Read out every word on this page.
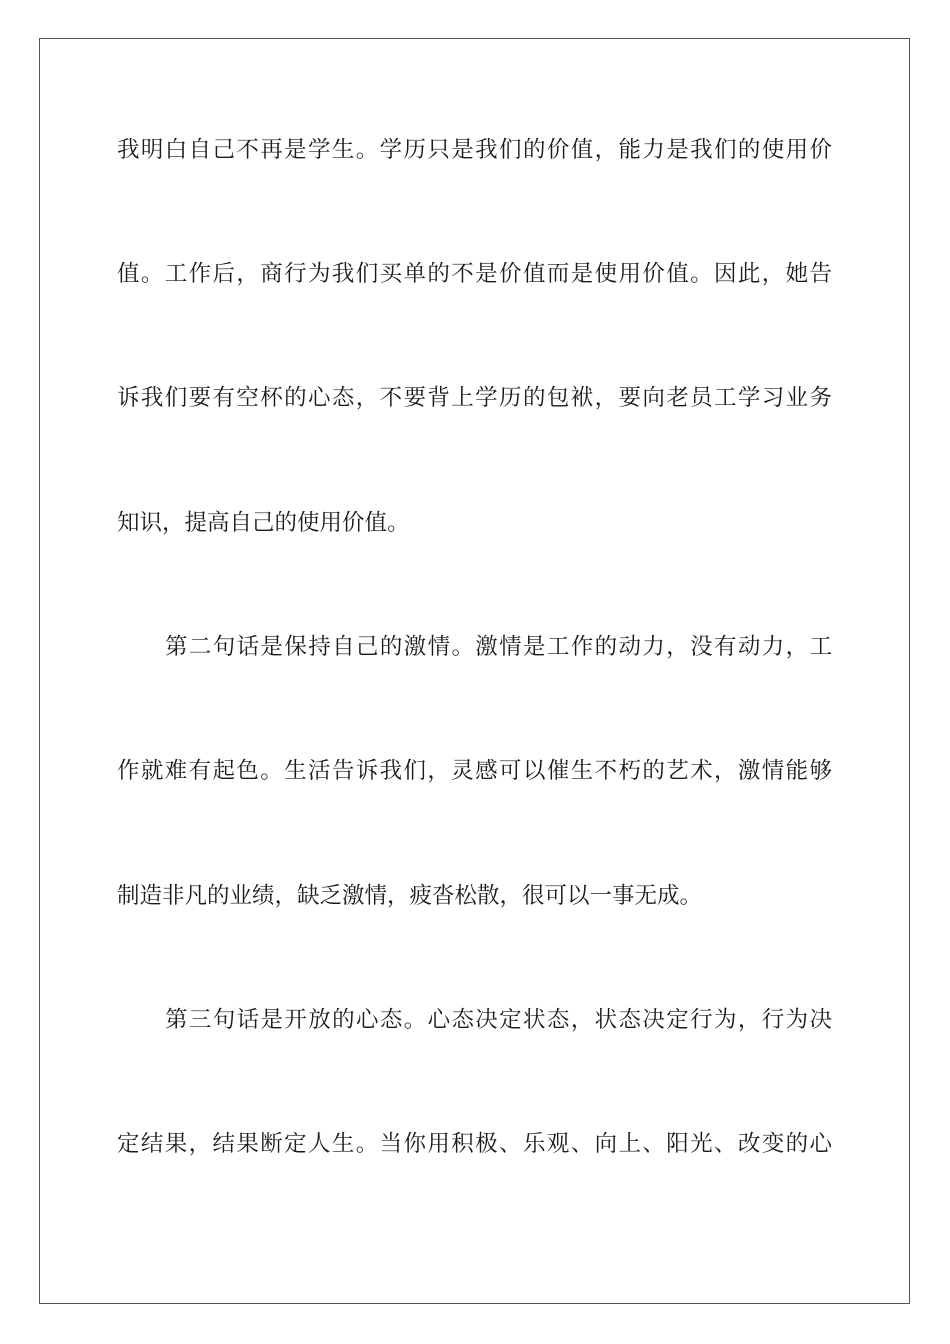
我明白自己不再是学生。学历只是我们的价值，能力是我们的使用价
值。工作后，商行为我们买单的不是价值而是使用价值。因此，她告
诉我们要有空杯的心态，不要背上学历的包袱，要向老员工学习业务
知识，提高自己的使用价值。
第二句话是保持自己的激情。激情是工作的动力，没有动力，工
作就难有起色。生活告诉我们，灵感可以催生不朽的艺术，激情能够
制造非凡的业绩，缺乏激情，疲沓松散，很可以一事无成。
第三句话是开放的心态。心态决定状态，状态决定行为，行为决
定结果，结果断定人生。当你用积极、乐观、向上、阳光、改变的心
